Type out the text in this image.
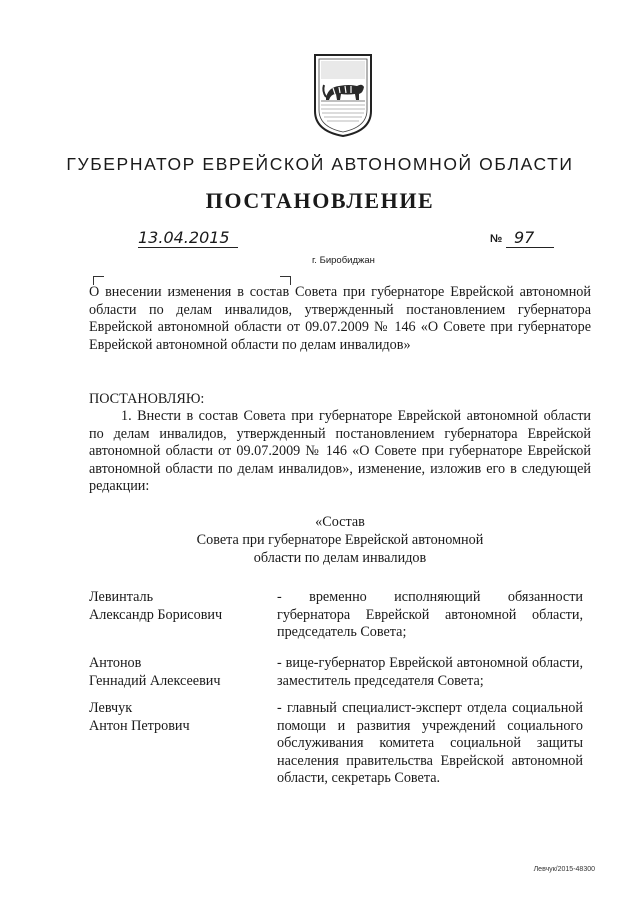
ГУБЕРНАТОР ЕВРЕЙСКОЙ АВТОНОМНОЙ ОБЛАСТИ
ПОСТАНОВЛЕНИЕ
13.04.2015	№ 97
г. Биробиджан
О внесении изменения в состав Совета при губернаторе Еврейской автономной области по делам инвалидов, утвержденный постановлением губернатора Еврейской автономной области от 09.07.2009 № 146 «О Совете при губернаторе Еврейской автономной области по делам инвалидов»
ПОСТАНОВЛЯЮ:
1. Внести в состав Совета при губернаторе Еврейской автономной области по делам инвалидов, утвержденный постановлением губернатора Еврейской автономной области от 09.07.2009 № 146 «О Совете при губернаторе Еврейской автономной области по делам инвалидов», изменение, изложив его в следующей редакции:
«Состав
Совета при губернаторе Еврейской автономной
области по делам инвалидов
Левинталь
Александр Борисович
- временно исполняющий обязанности губернатора Еврейской автономной области, председатель Совета;
Антонов
Геннадий Алексеевич
- вице-губернатор Еврейской автономной области, заместитель председателя Совета;
Левчук
Антон Петрович
- главный специалист-эксперт отдела социальной помощи и развития учреждений социального обслуживания комитета социальной защиты населения правительства Еврейской автономной области, секретарь Совета.
Левчук/2015-48300
